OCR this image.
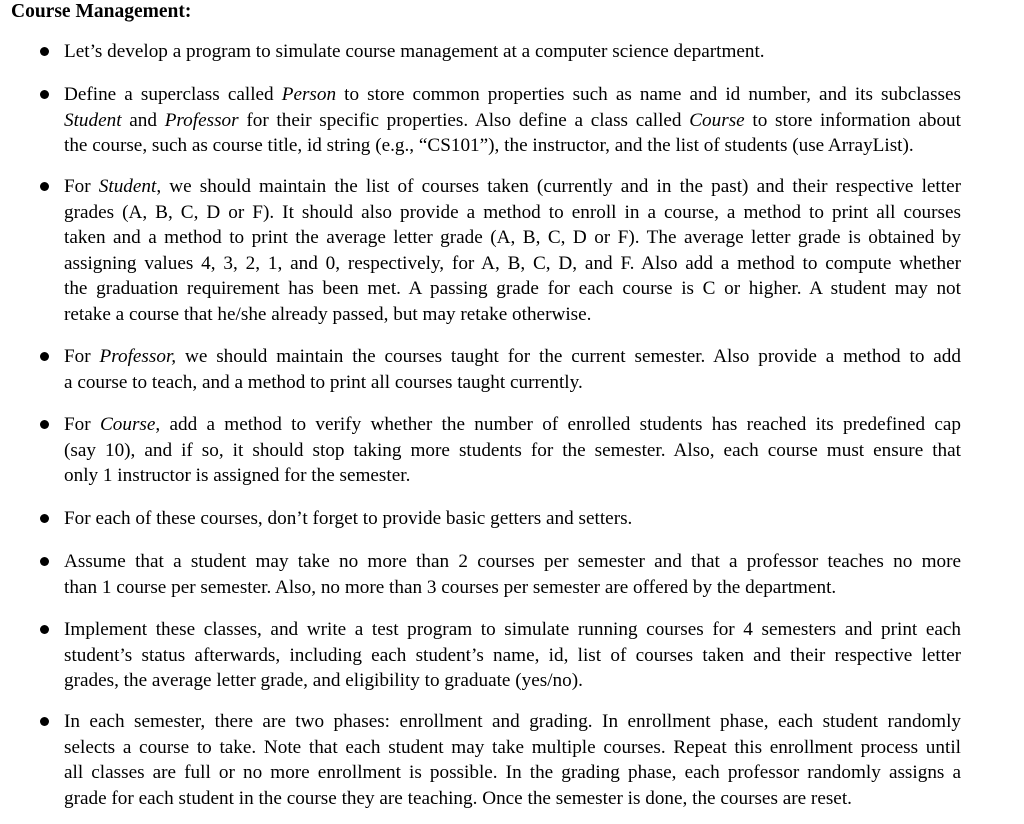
Course Management:
Let’s develop a program to simulate course management at a computer science department.
Define a superclass called Person to store common properties such as name and id number, and its subclasses
Student and Professor for their specific properties. Also define a class called Course to store information about
the course, such as course title, id string (e.g., “CS101”), the instructor, and the list of students (use ArrayList).
For Student, we should maintain the list of courses taken (currently and in the past) and their respective letter
grades (A, B, C, D or F). It should also provide a method to enroll in a course, a method to print all courses
taken and a method to print the average letter grade (A, B, C, D or F). The average letter grade is obtained by
assigning values 4, 3, 2, 1, and 0, respectively, for A, B, C, D, and F. Also add a method to compute whether
the graduation requirement has been met. A passing grade for each course is C or higher. A student may not
retake a course that he/she already passed, but may retake otherwise.
For Professor, we should maintain the courses taught for the current semester. Also provide a method to add
a course to teach, and a method to print all courses taught currently.
For Course, add a method to verify whether the number of enrolled students has reached its predefined cap
(say 10), and if so, it should stop taking more students for the semester. Also, each course must ensure that
only 1 instructor is assigned for the semester.
For each of these courses, don’t forget to provide basic getters and setters.
Assume that a student may take no more than 2 courses per semester and that a professor teaches no more
than 1 course per semester. Also, no more than 3 courses per semester are offered by the department.
Implement these classes, and write a test program to simulate running courses for 4 semesters and print each
student’s status afterwards, including each student’s name, id, list of courses taken and their respective letter
grades, the average letter grade, and eligibility to graduate (yes/no).
In each semester, there are two phases: enrollment and grading. In enrollment phase, each student randomly
selects a course to take. Note that each student may take multiple courses. Repeat this enrollment process until
all classes are full or no more enrollment is possible. In the grading phase, each professor randomly assigns a
grade for each student in the course they are teaching. Once the semester is done, the courses are reset.
